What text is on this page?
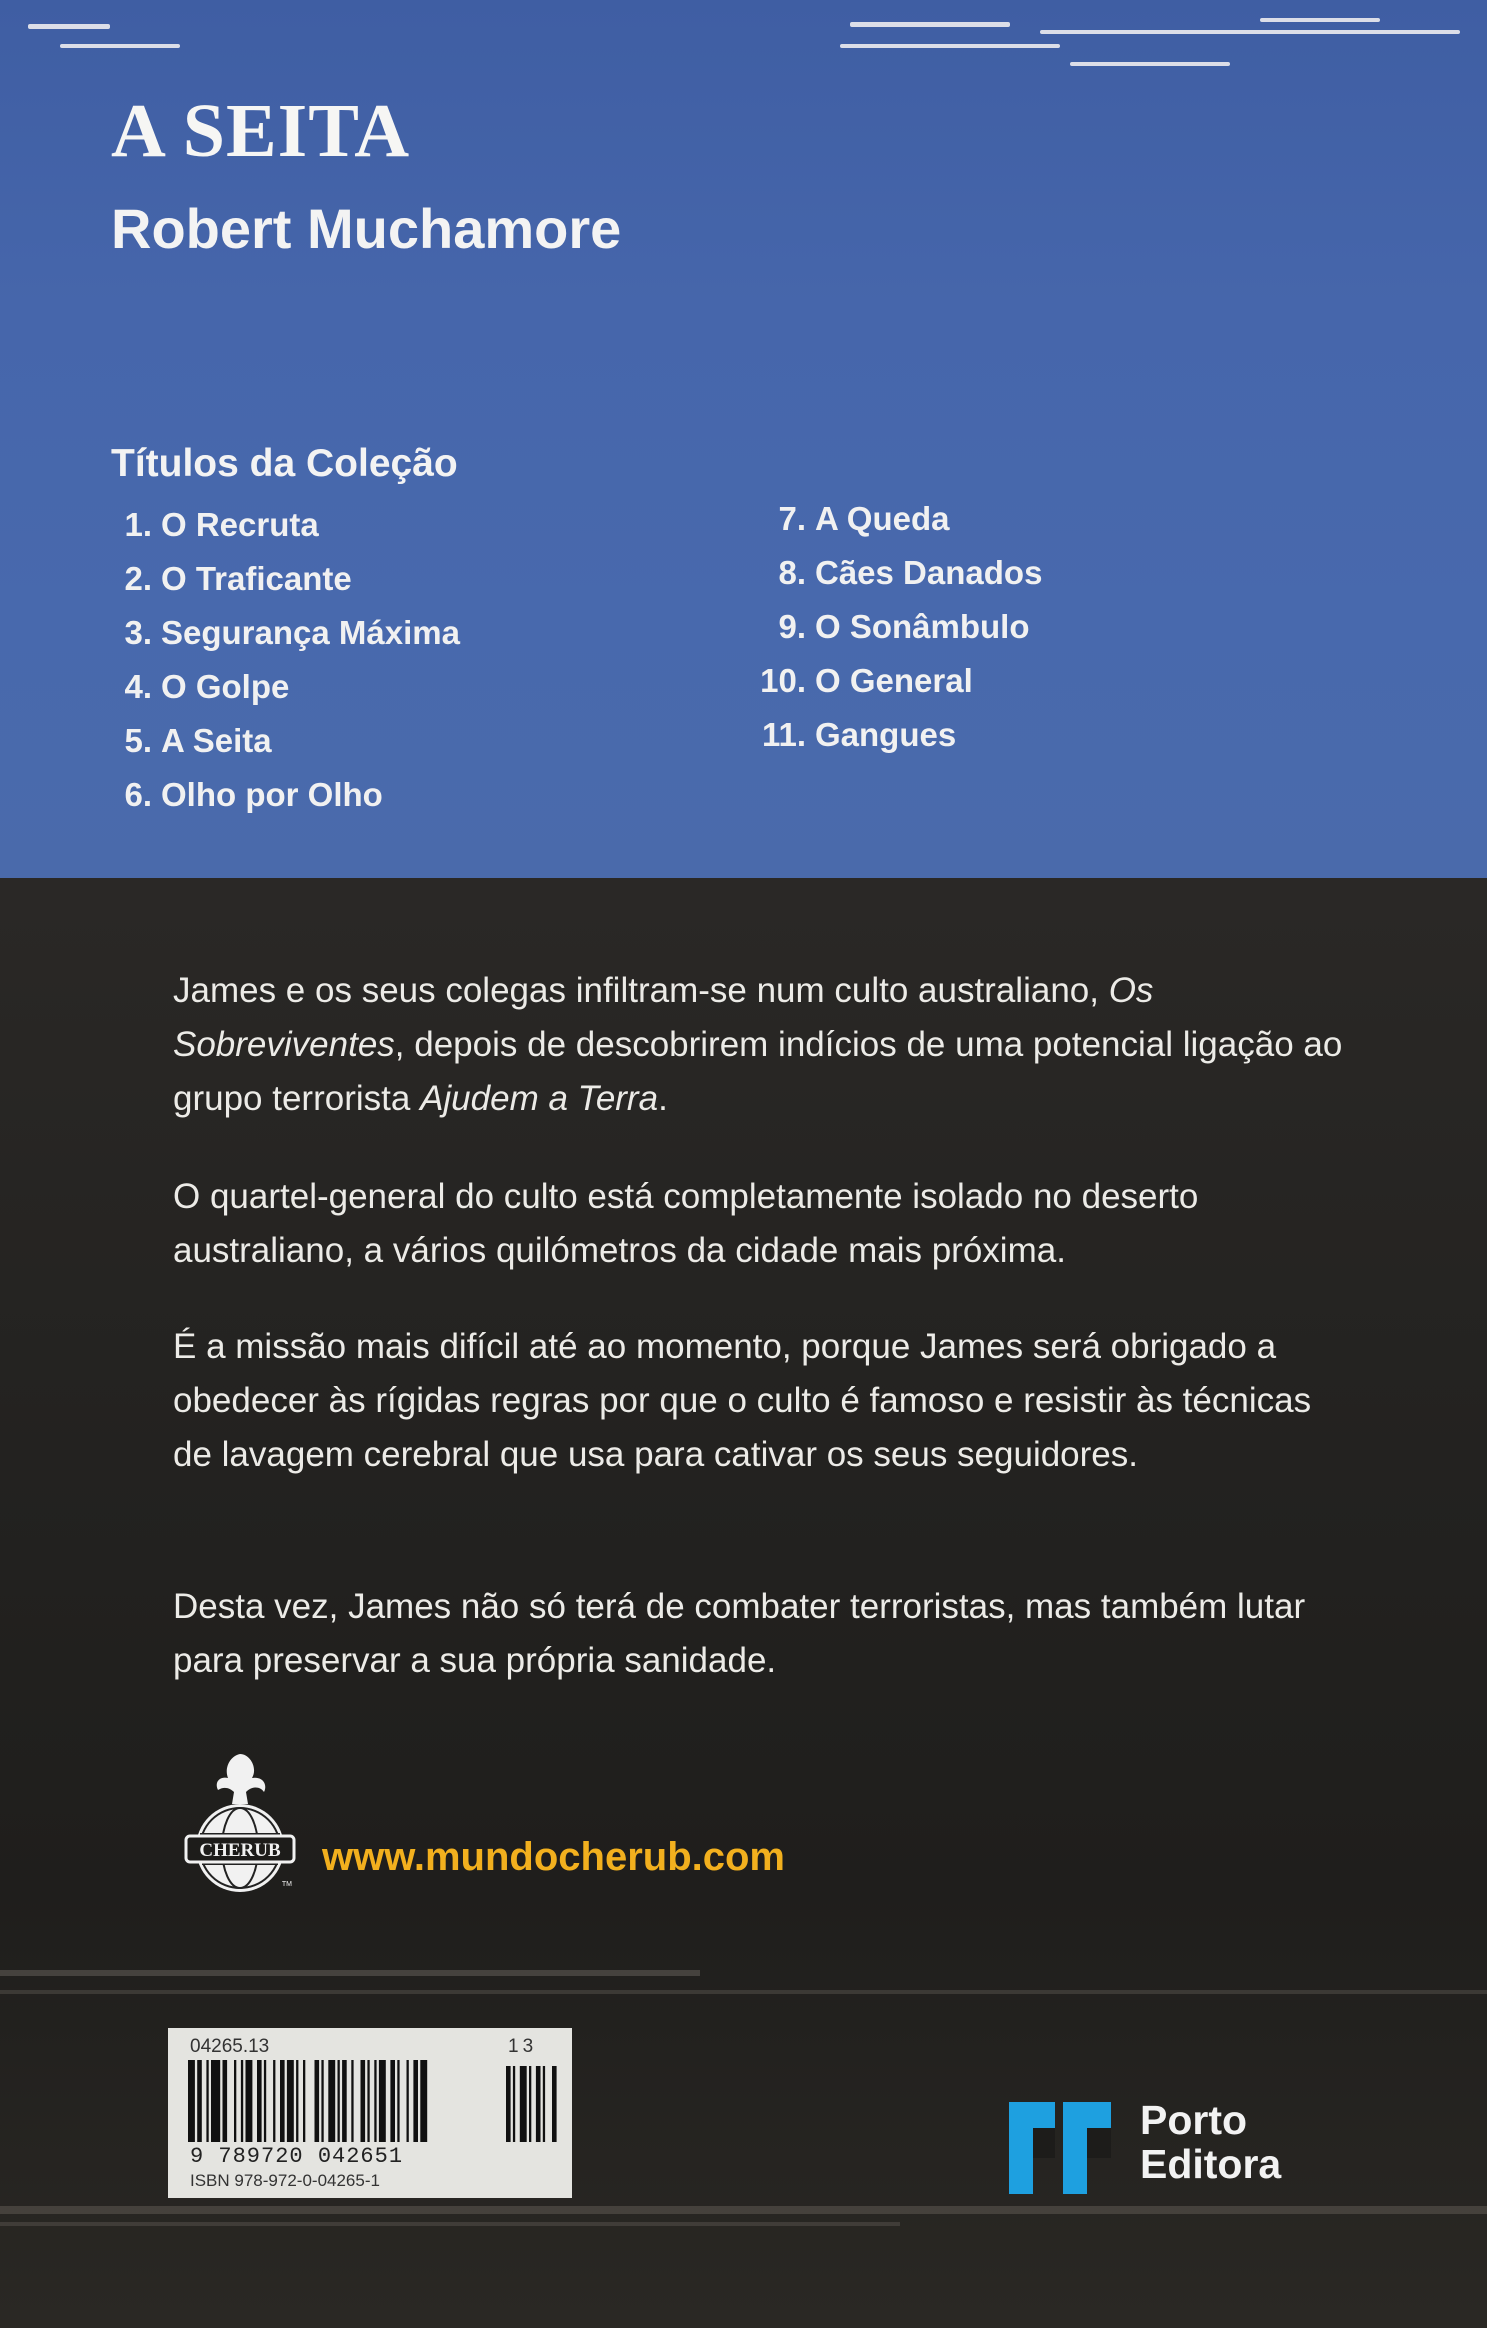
A SEITA
Robert Muchamore
Títulos da Coleção
1. O Recruta
2. O Traficante
3. Segurança Máxima
4. O Golpe
5. A Seita
6. Olho por Olho
7. A Queda
8. Cães Danados
9. O Sonâmbulo
10. O General
11. Gangues

James e os seus colegas infiltram-se num culto australiano, Os Sobreviventes, depois de descobrirem indícios de uma potencial ligação ao grupo terrorista Ajudem a Terra.

O quartel-general do culto está completamente isolado no deserto australiano, a vários quilómetros da cidade mais próxima.

É a missão mais difícil até ao momento, porque James será obrigado a obedecer às rígidas regras por que o culto é famoso e resistir às técnicas de lavagem cerebral que usa para cativar os seus seguidores.

Desta vez, James não só terá de combater terroristas, mas também lutar para preservar a sua própria sanidade.

CHERUB
TM
www.mundocherub.com
04265.13	13
9 789720 042651
ISBN 978-972-0-04265-1
Porto
Editora
